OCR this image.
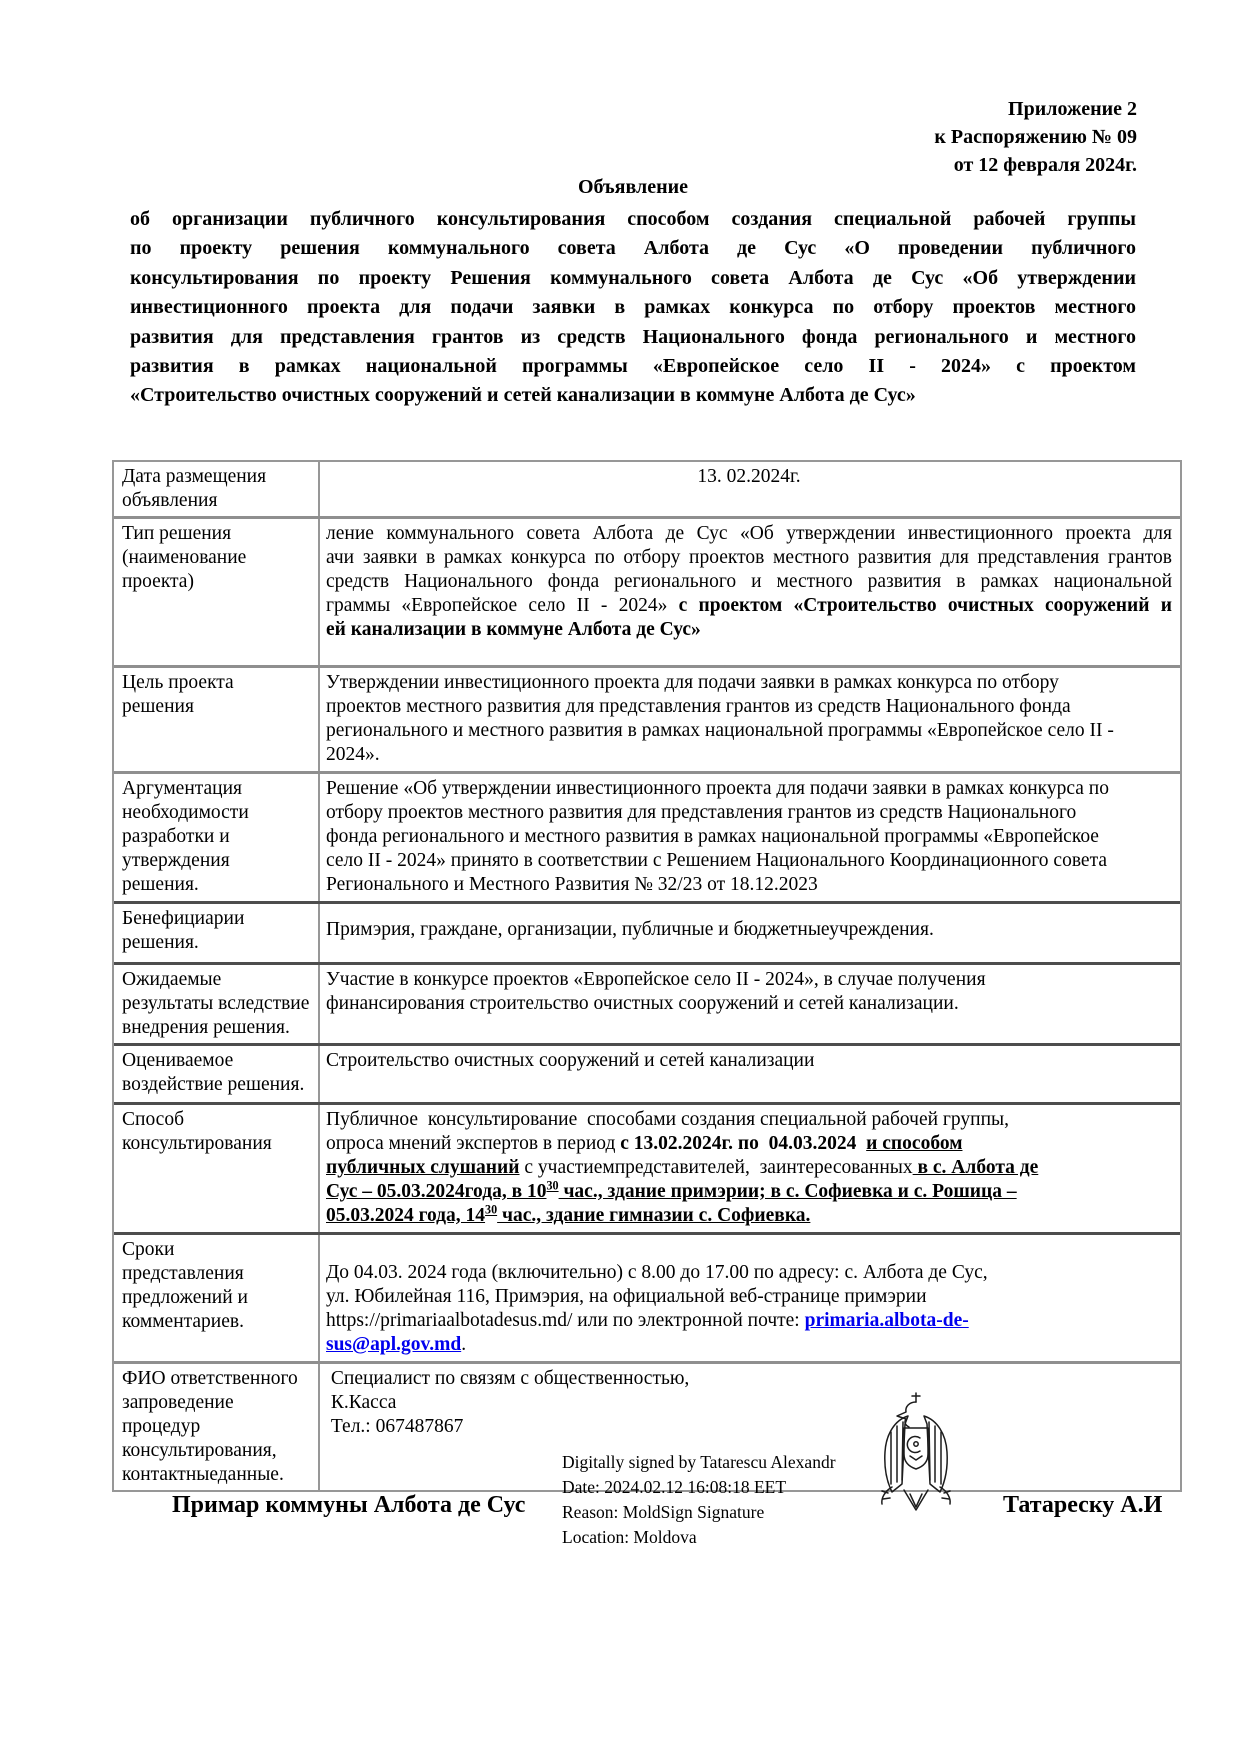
Приложение 2
к Распоряжению № 09
от 12 февраля 2024г.
Объявление
об организации публичного консультирования способом создания специальной рабочей группы
по проекту решения коммунального совета Албота де Сус «О проведении публичного
консультирования по проекту Решения коммунального совета Албота де Сус «Об утверждении
инвестиционного проекта для подачи заявки в рамках конкурса по отбору проектов местного
развития для представления грантов из средств Национального фонда регионального и местного
развития в рамках национальной программы «Европейское село II - 2024» с проектом
«Строительство очистных сооружений и сетей канализации в коммуне Албота де Сус»
Дата размещения
объявления
13. 02.2024г.
Тип решения
(наименование
проекта)
ление коммунального совета Албота де Сус «Об утверждении инвестиционного проекта для
ачи заявки в рамках конкурса по отбору проектов местного развития для представления грантов
средств Национального фонда регионального и местного развития в рамках национальной
граммы «Европейское село II - 2024» с проектом «Строительство очистных сооружений и
ей канализации в коммуне Албота де Сус»
Цель проекта
решения
Утверждении инвестиционного проекта для подачи заявки в рамках конкурса по отбору
проектов местного развития для представления грантов из средств Национального фонда
регионального и местного развития в рамках национальной программы «Европейское село II -
2024».
Аргументация
необходимости
разработки и
утверждения
решения.
Решение «Об утверждении инвестиционного проекта для подачи заявки в рамках конкурса по
отбору проектов местного развития для представления грантов из средств Национального
фонда регионального и местного развития в рамках национальной программы «Европейское
село II - 2024» принято в соответствии с Решением Национального Координационного совета
Регионального и Местного Развития № 32/23 от 18.12.2023
Бенефициарии
решения.
Примэрия, граждане, организации, публичные и бюджетныеучреждения.
Ожидаемые
результаты вследствие
внедрения решения.
Участие в конкурсе проектов «Европейское село II - 2024», в случае получения
финансирования строительство очистных сооружений и сетей канализации.
Оцениваемое
воздействие решения.
Строительство очистных сооружений и сетей канализации
Способ
консультирования
Публичное  консультирование  способами создания специальной рабочей группы,
опроса мнений экспертов в период с 13.02.2024г. по  04.03.2024 и способом
публичных слушаний с участиемпредставителей,  заинтересованных в с. Албота де
Сус – 05.03.2024года, в $10^{30}$ час., здание примэрии; в с. Софиевка и с. Рошица –
05.03.2024 года, $14^{30}$ час., здание гимназии с. Софиевка.
Сроки
представления
предложений и
комментариев.
До 04.03. 2024 года (включительно) с 8.00 до 17.00 по адресу: с. Албота де Сус,
ул. Юбилейная 116, Примэрия, на официальной веб-странице примэрии
https://primariaalbotadesus.md/ или по электронной почте: primaria.albota-de-
sus@apl.gov.md.
ФИО ответственного
запроведение
процедур
консультирования,
контактныеданные.
Специалист по связям с общественностью,
К.Касса
Тел.: 067487867
Примар коммуны Албота де Сус
Digitally signed by Tatarescu Alexandr
Date: 2024.02.12 16:08:18 EET
Reason: MoldSign Signature
Location: Moldova
Татареску А.И
